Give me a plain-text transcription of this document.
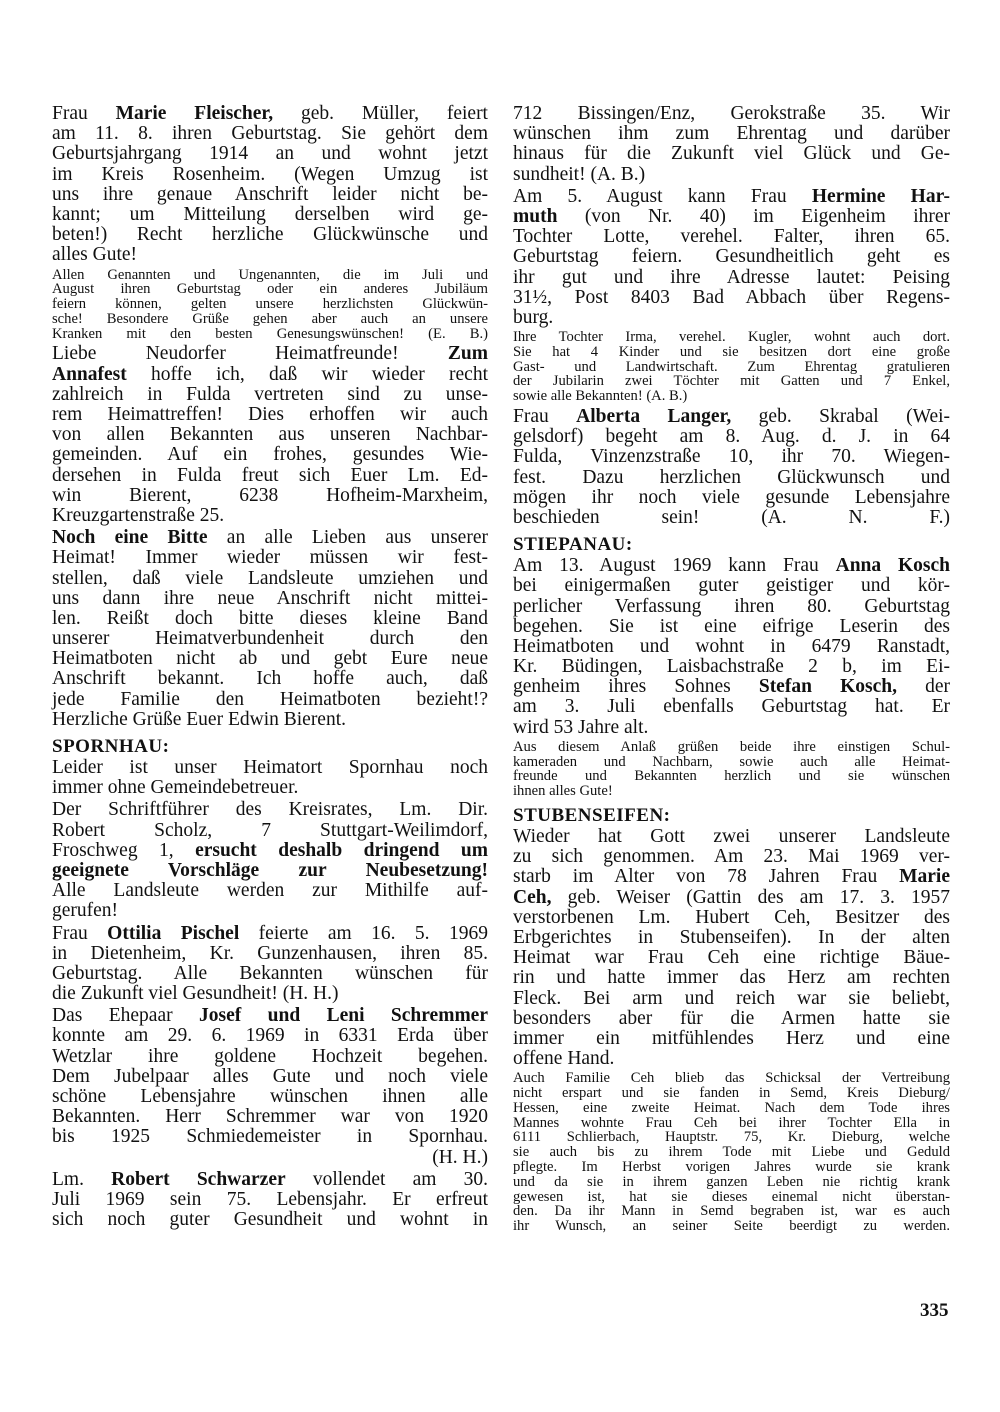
Frau Marie Fleischer, geb. Müller, feiert
am 11. 8. ihren Geburtstag. Sie gehört dem
Geburtsjahrgang 1914 an und wohnt jetzt
im Kreis Rosenheim. (Wegen Umzug ist
uns ihre genaue Anschrift leider nicht be-
kannt; um Mitteilung derselben wird ge-
beten!) Recht herzliche Glückwünsche und
alles Gute!
Allen Genannten und Ungenannten, die im Juli und
August ihren Geburtstag oder ein anderes Jubiläum
feiern können, gelten unsere herzlichsten Glückwün-
sche! Besondere Grüße gehen aber auch an unsere
Kranken mit den besten Genesungswünschen! (E. B.)
Liebe Neudorfer Heimatfreunde! Zum
Annafest hoffe ich, daß wir wieder recht
zahlreich in Fulda vertreten sind zu unse-
rem Heimattreffen! Dies erhoffen wir auch
von allen Bekannten aus unseren Nachbar-
gemeinden. Auf ein frohes, gesundes Wie-
dersehen in Fulda freut sich Euer Lm. Ed-
win Bierent, 6238 Hofheim-Marxheim,
Kreuzgartenstraße 25.
Noch eine Bitte an alle Lieben aus unserer
Heimat! Immer wieder müssen wir fest-
stellen, daß viele Landsleute umziehen und
uns dann ihre neue Anschrift nicht mittei-
len. Reißt doch bitte dieses kleine Band
unserer Heimatverbundenheit durch den
Heimatboten nicht ab und gebt Eure neue
Anschrift bekannt. Ich hoffe auch, daß
jede Familie den Heimatboten bezieht!?
Herzliche Grüße Euer Edwin Bierent.
SPORNHAU:
Leider ist unser Heimatort Spornhau noch
immer ohne Gemeindebetreuer.
Der Schriftführer des Kreisrates, Lm. Dir.
Robert Scholz, 7 Stuttgart-Weilimdorf,
Froschweg 1, ersucht deshalb dringend um
geeignete Vorschläge zur Neubesetzung!
Alle Landsleute werden zur Mithilfe auf-
gerufen!
Frau Ottilia Pischel feierte am 16. 5. 1969
in Dietenheim, Kr. Gunzenhausen, ihren 85.
Geburtstag. Alle Bekannten wünschen für
die Zukunft viel Gesundheit! (H. H.)
Das Ehepaar Josef und Leni Schremmer
konnte am 29. 6. 1969 in 6331 Erda über
Wetzlar ihre goldene Hochzeit begehen.
Dem Jubelpaar alles Gute und noch viele
schöne Lebensjahre wünschen ihnen alle
Bekannten. Herr Schremmer war von 1920
bis 1925 Schmiedemeister in Spornhau.
(H. H.)
Lm. Robert Schwarzer vollendet am 30.
Juli 1969 sein 75. Lebensjahr. Er erfreut
sich noch guter Gesundheit und wohnt in
712 Bissingen/Enz, Gerokstraße 35. Wir
wünschen ihm zum Ehrentag und darüber
hinaus für die Zukunft viel Glück und Ge-
sundheit! (A. B.)
Am 5. August kann Frau Hermine Har-
muth (von Nr. 40) im Eigenheim ihrer
Tochter Lotte, verehel. Falter, ihren 65.
Geburtstag feiern. Gesundheitlich geht es
ihr gut und ihre Adresse lautet: Peising
31½, Post 8403 Bad Abbach über Regens-
burg.
Ihre Tochter Irma, verehel. Kugler, wohnt auch dort.
Sie hat 4 Kinder und sie besitzen dort eine große
Gast- und Landwirtschaft. Zum Ehrentag gratulieren
der Jubilarin zwei Töchter mit Gatten und 7 Enkel,
sowie alle Bekannten! (A. B.)
Frau Alberta Langer, geb. Skrabal (Wei-
gelsdorf) begeht am 8. Aug. d. J. in 64
Fulda, Vinzenzstraße 10, ihr 70. Wiegen-
fest. Dazu herzlichen Glückwunsch und
mögen ihr noch viele gesunde Lebensjahre
beschieden sein! (A. N. F.)
STIEPANAU:
Am 13. August 1969 kann Frau Anna Kosch
bei einigermaßen guter geistiger und kör-
perlicher Verfassung ihren 80. Geburtstag
begehen. Sie ist eine eifrige Leserin des
Heimatboten und wohnt in 6479 Ranstadt,
Kr. Büdingen, Laisbachstraße 2 b, im Ei-
genheim ihres Sohnes Stefan Kosch, der
am 3. Juli ebenfalls Geburtstag hat. Er
wird 53 Jahre alt.
Aus diesem Anlaß grüßen beide ihre einstigen Schul-
kameraden und Nachbarn, sowie auch alle Heimat-
freunde und Bekannten herzlich und sie wünschen
ihnen alles Gute!
STUBENSEIFEN:
Wieder hat Gott zwei unserer Landsleute
zu sich genommen. Am 23. Mai 1969 ver-
starb im Alter von 78 Jahren Frau Marie
Ceh, geb. Weiser (Gattin des am 17. 3. 1957
verstorbenen Lm. Hubert Ceh, Besitzer des
Erbgerichtes in Stubenseifen). In der alten
Heimat war Frau Ceh eine richtige Bäue-
rin und hatte immer das Herz am rechten
Fleck. Bei arm und reich war sie beliebt,
besonders aber für die Armen hatte sie
immer ein mitfühlendes Herz und eine
offene Hand.
Auch Familie Ceh blieb das Schicksal der Vertreibung
nicht erspart und sie fanden in Semd, Kreis Dieburg/
Hessen, eine zweite Heimat. Nach dem Tode ihres
Mannes wohnte Frau Ceh bei ihrer Tochter Ella in
6111 Schlierbach, Hauptstr. 75, Kr. Dieburg, welche
sie auch bis zu ihrem Tode mit Liebe und Geduld
pflegte. Im Herbst vorigen Jahres wurde sie krank
und da sie in ihrem ganzen Leben nie richtig krank
gewesen ist, hat sie dieses einemal nicht überstan-
den. Da ihr Mann in Semd begraben ist, war es auch
ihr Wunsch, an seiner Seite beerdigt zu werden.
335
